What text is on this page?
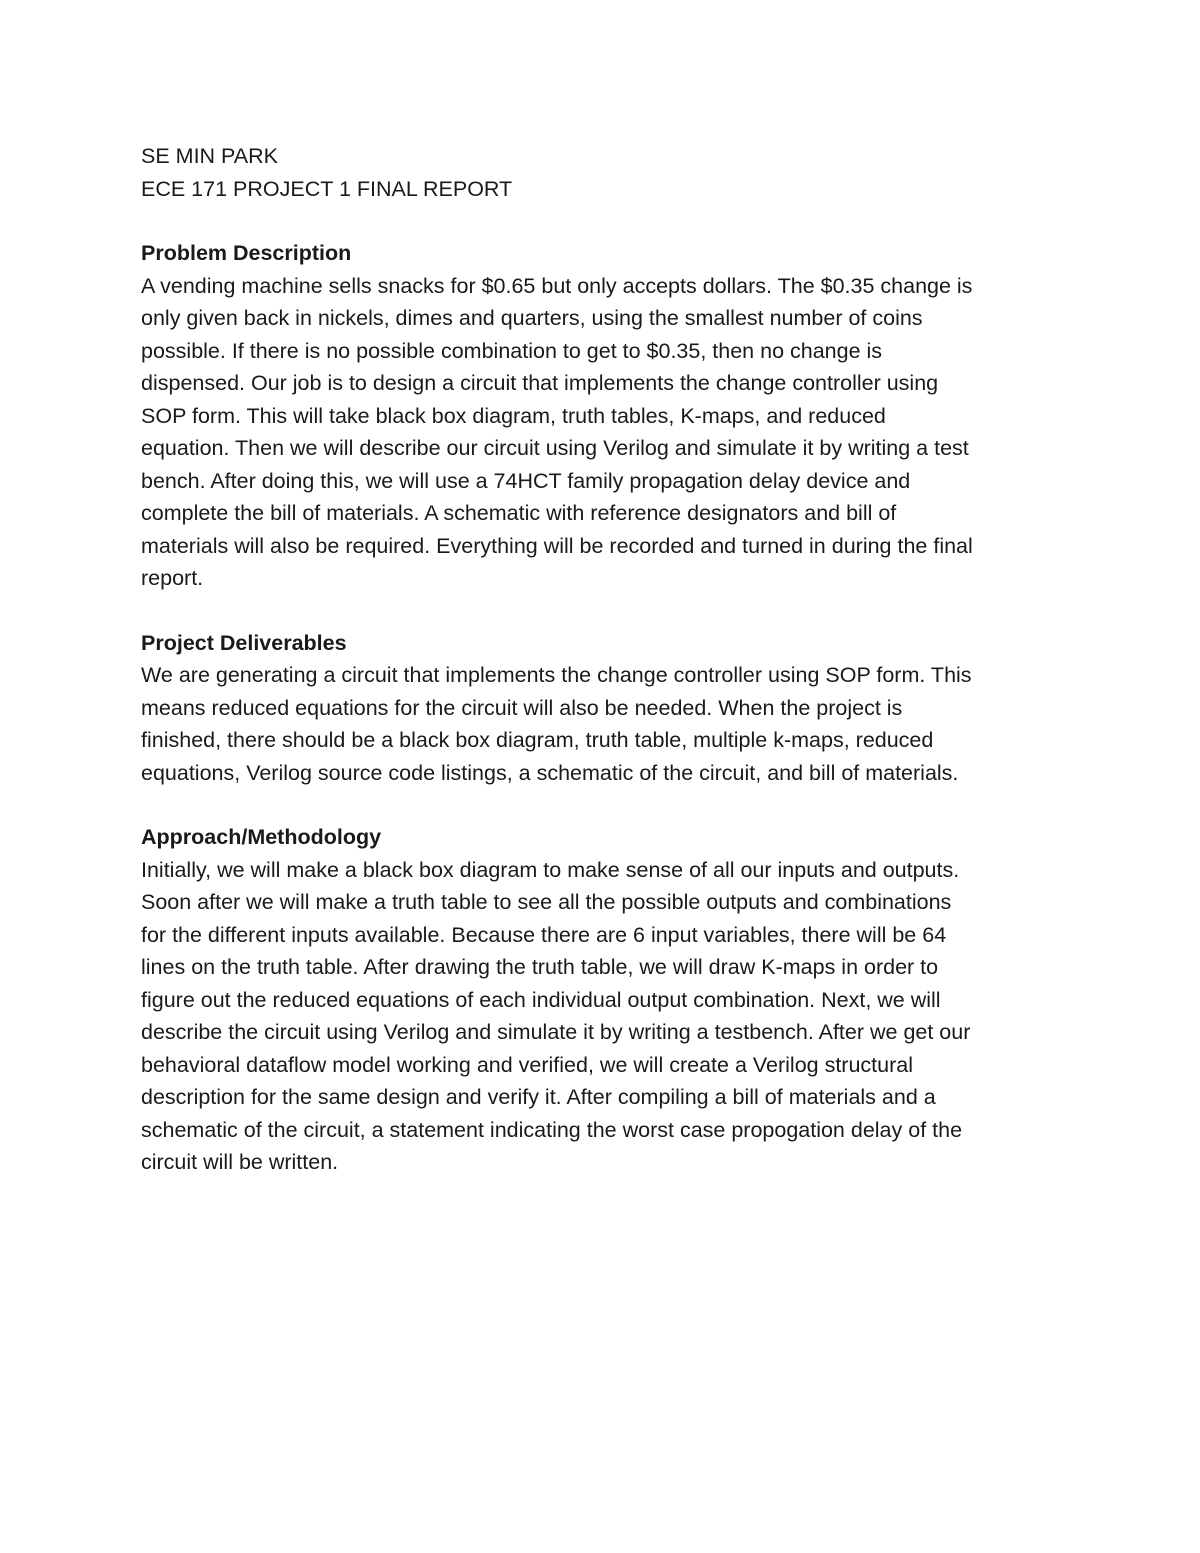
SE MIN PARK

ECE 171 PROJECT 1 FINAL REPORT

Problem Description

A vending machine sells snacks for $0.65 but only accepts dollars. The $0.35 change is

only given back in nickels, dimes and quarters, using the smallest number of coins

possible. If there is no possible combination to get to $0.35, then no change is

dispensed. Our job is to design a circuit that implements the change controller using

SOP form. This will take black box diagram, truth tables, K-maps, and reduced

equation. Then we will describe our circuit using Verilog and simulate it by writing a test

bench. After doing this, we will use a 74HCT family propagation delay device and

complete the bill of materials. A schematic with reference designators and bill of

materials will also be required. Everything will be recorded and turned in during the final

report.

Project Deliverables

We are generating a circuit that implements the change controller using SOP form. This

means reduced equations for the circuit will also be needed. When the project is

finished, there should be a black box diagram, truth table, multiple k-maps, reduced

equations, Verilog source code listings, a schematic of the circuit, and bill of materials.

Approach/Methodology

Initially, we will make a black box diagram to make sense of all our inputs and outputs.

Soon after we will make a truth table to see all the possible outputs and combinations

for the different inputs available. Because there are 6 input variables, there will be 64

lines on the truth table. After drawing the truth table, we will draw K-maps in order to

figure out the reduced equations of each individual output combination. Next, we will

describe the circuit using Verilog and simulate it by writing a testbench. After we get our

behavioral dataflow model working and verified, we will create a Verilog structural

description for the same design and verify it. After compiling a bill of materials and a

schematic of the circuit, a statement indicating the worst case propogation delay of the

circuit will be written.
